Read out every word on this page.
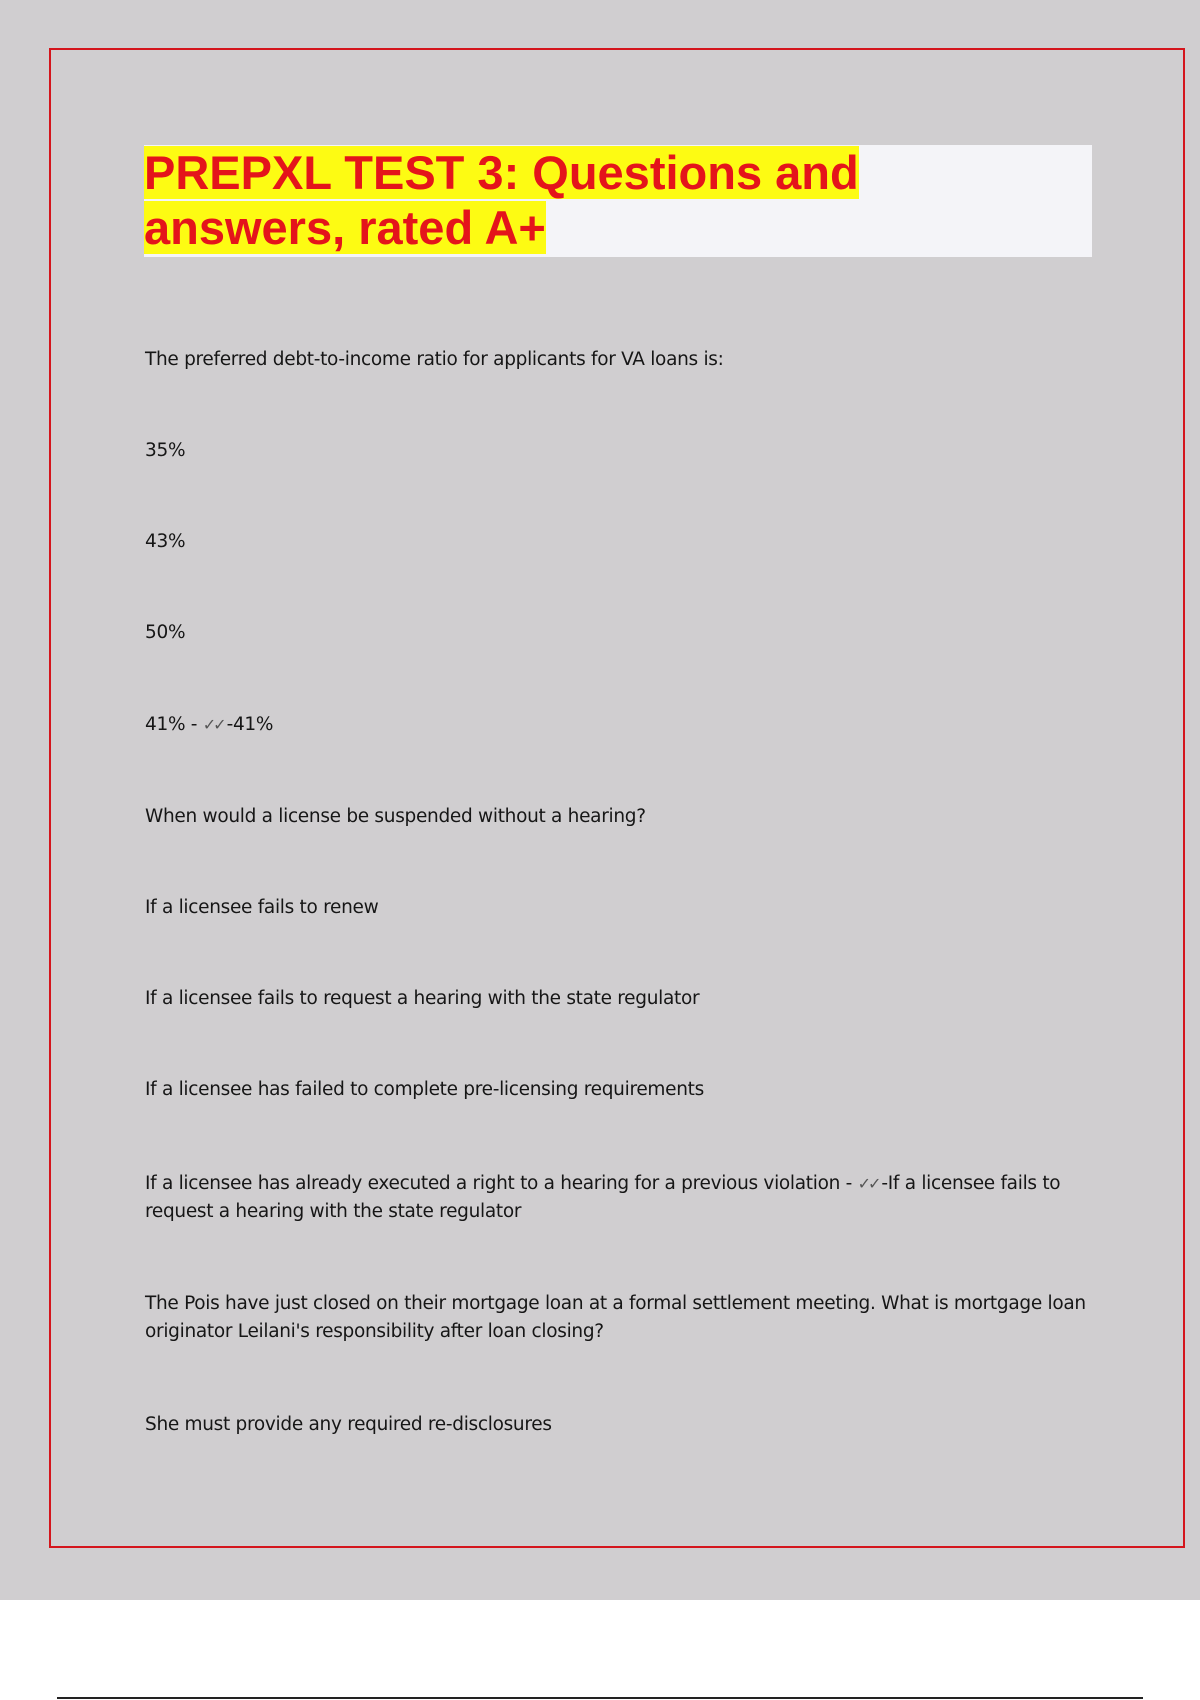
PREPXL TEST 3: Questions and answers, rated A+

The preferred debt-to-income ratio for applicants for VA loans is:

35%

43%

50%

41% - ✓✓ -41%

When would a license be suspended without a hearing?

If a licensee fails to renew

If a licensee fails to request a hearing with the state regulator

If a licensee has failed to complete pre-licensing requirements

If a licensee has already executed a right to a hearing for a previous violation - ✓✓ -If a licensee fails to request a hearing with the state regulator

The Pois have just closed on their mortgage loan at a formal settlement meeting. What is mortgage loan originator Leilani's responsibility after loan closing?

She must provide any required re-disclosures
